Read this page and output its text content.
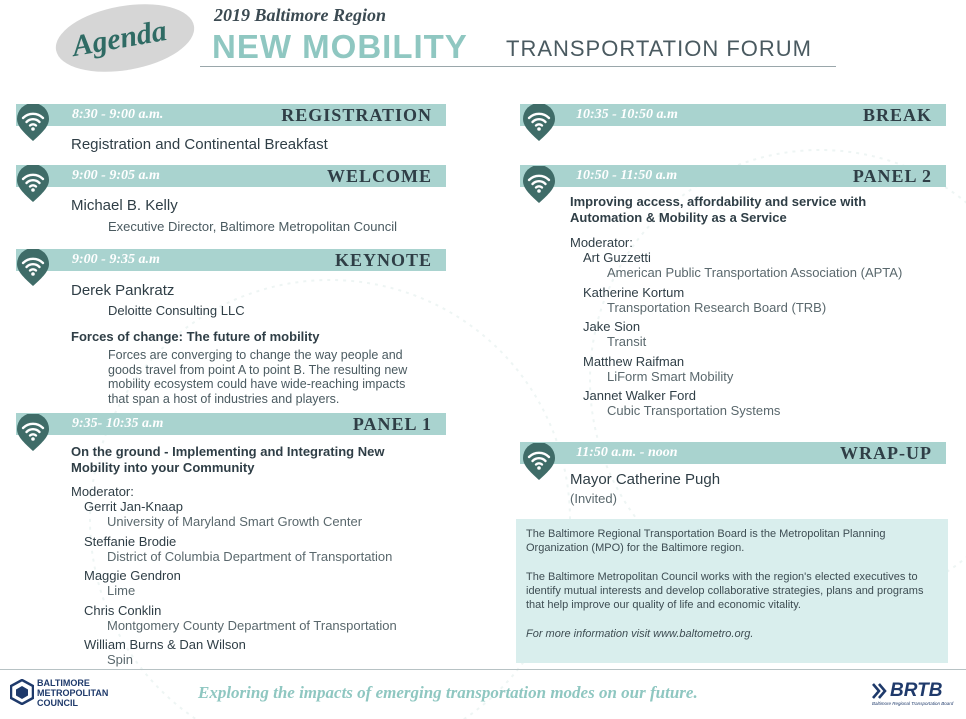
Agenda 2019 Baltimore Region
NEW MOBILITY TRANSPORTATION FORUM
8:30 - 9:00 a.m.	REGISTRATION
Registration and Continental Breakfast
9:00 - 9:05 a.m	WELCOME
Michael B. Kelly
Executive Director, Baltimore Metropolitan Council
9:00 - 9:35 a.m	KEYNOTE
Derek Pankratz
Deloitte Consulting LLC
Forces of change: The future of mobility
Forces are converging to change the way people and
goods travel from point A to point B. The resulting new
mobility ecosystem could have wide-reaching impacts
that span a host of industries and players.
9:35- 10:35 a.m	PANEL 1
On the ground - Implementing and Integrating New
Mobility into your Community
Moderator:
Gerrit Jan-Knaap
University of Maryland Smart Growth Center
Steffanie Brodie
District of Columbia Department of Transportation
Maggie Gendron
Lime
Chris Conklin
Montgomery County Department of Transportation
William Burns & Dan Wilson
Spin
10:35 - 10:50 a.m	BREAK
10:50 - 11:50 a.m	PANEL 2
Improving access, affordability and service with
Automation & Mobility as a Service
Moderator:
Art Guzzetti
American Public Transportation Association (APTA)
Katherine Kortum
Transportation Research Board (TRB)
Jake Sion
Transit
Matthew Raifman
LiForm Smart Mobility
Jannet Walker Ford
Cubic Transportation Systems
11:50 a.m. - noon	WRAP-UP
Mayor Catherine Pugh
(Invited)

The Baltimore Regional Transportation Board is the Metropolitan Planning
Organization (MPO) for the Baltimore region.

The Baltimore Metropolitan Council works with the region's elected executives to
identify mutual interests and develop collaborative strategies, plans and programs
that help improve our quality of life and economic vitality.

For more information visit www.baltometro.org.

BALTIMORE
METROPOLITAN
COUNCIL
Exploring the impacts of emerging transportation modes on our future.	BRTB
Baltimore Regional Transportation Board
